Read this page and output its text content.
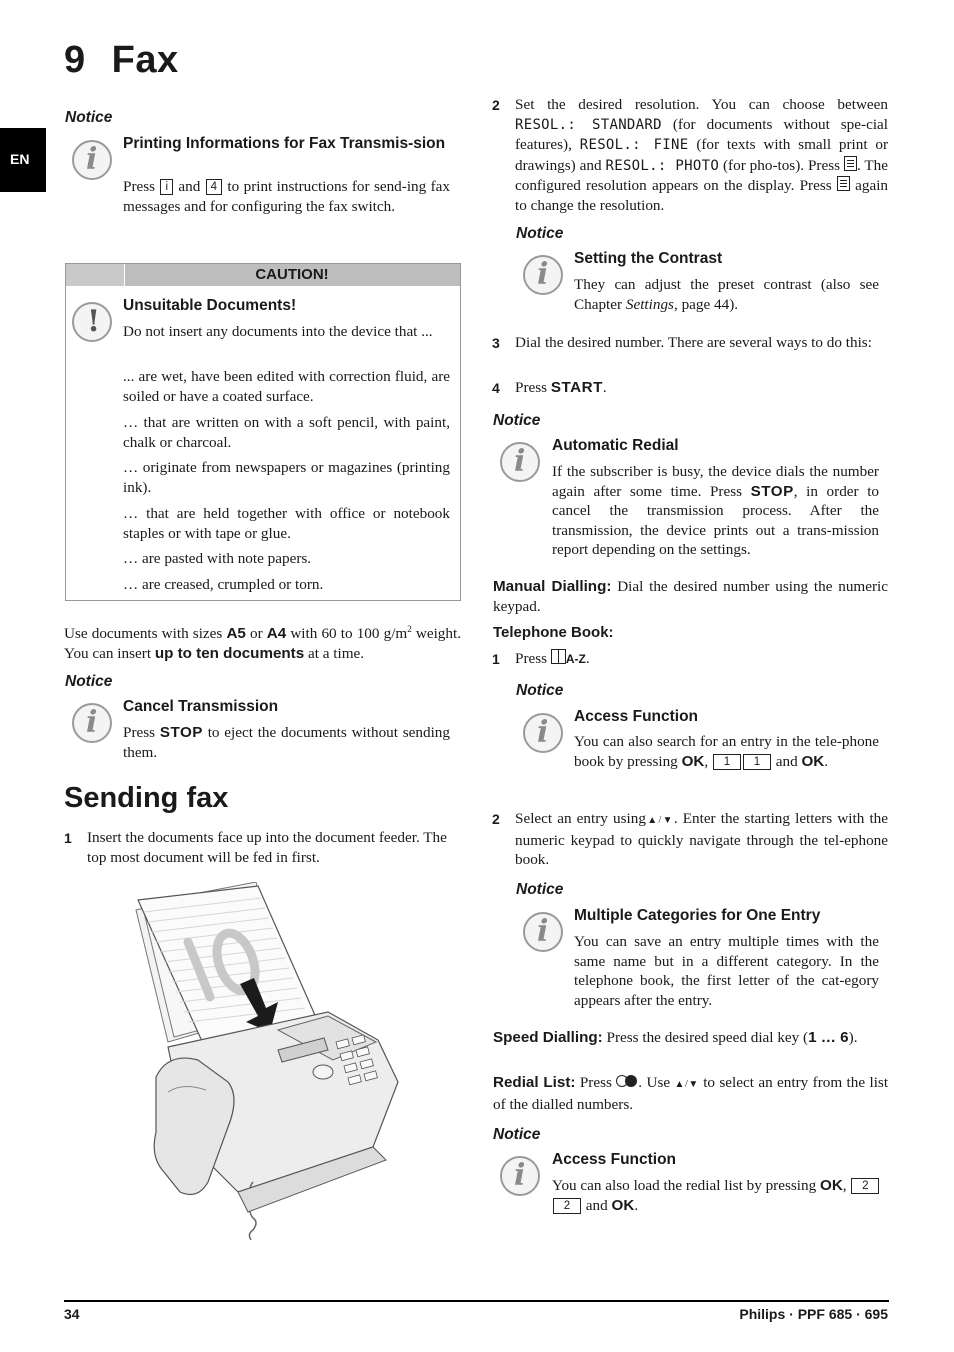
9 Fax
EN
Notice
i
Printing Informations for Fax Transmis-sion
Press i and 4 to print instructions for send-ing fax messages and for configuring the fax switch.
CAUTION!
!
Unsuitable Documents!
Do not insert any documents into the device that ...
... are wet, have been edited with correction fluid, are soiled or have a coated surface.
… that are written on with a soft pencil, with paint, chalk or charcoal.
… originate from newspapers or magazines (printing ink).
… that are held together with office or notebook staples or with tape or glue.
… are pasted with note papers.
… are creased, crumpled or torn.
Use documents with sizes A5 or A4 with 60 to 100 $g/m^2$ weight. You can insert up to ten documents at a time.
Notice
i
Cancel Transmission
Press STOP to eject the documents without sending them.
Sending fax
1 Insert the documents face up into the document feeder. The top most document will be fed in first.
2 Set the desired resolution. You can choose between RESOL.: STANDARD (for documents without spe-cial features), RESOL.: FINE (for texts with small print or drawings) and RESOL.: PHOTO (for pho-tos). Press . The configured resolution appears on the display. Press again to change the resolution.
Notice
i
Setting the Contrast
They can adjust the preset contrast (also see Chapter Settings, page 44).
3 Dial the desired number. There are several ways to do this:
4 Press START.
Notice
i
Automatic Redial
If the subscriber is busy, the device dials the number again after some time. Press STOP, in order to cancel the transmission process. After the transmission, the device prints out a trans-mission report depending on the settings.
Manual Dialling: Dial the desired number using the numeric keypad.
Telephone Book:
1 Press A-Z.
Notice
i
Access Function
You can also search for an entry in the tele-phone book by pressing OK, 1 1 and OK.
2 Select an entry using▲/▼. Enter the starting letters with the numeric keypad to quickly navigate through the tel-ephone book.
Notice
i
Multiple Categories for One Entry
You can save an entry multiple times with the same name but in a different category. In the telephone book, the first letter of the cat-egory appears after the entry.
Speed Dialling: Press the desired speed dial key (1 … 6).
Redial List: Press . Use ▲/▼ to select an entry from the list of the dialled numbers.
Notice
i
Access Function
You can also load the redial list by pressing OK, 22 and OK.
34	Philips · PPF 685 · 695
